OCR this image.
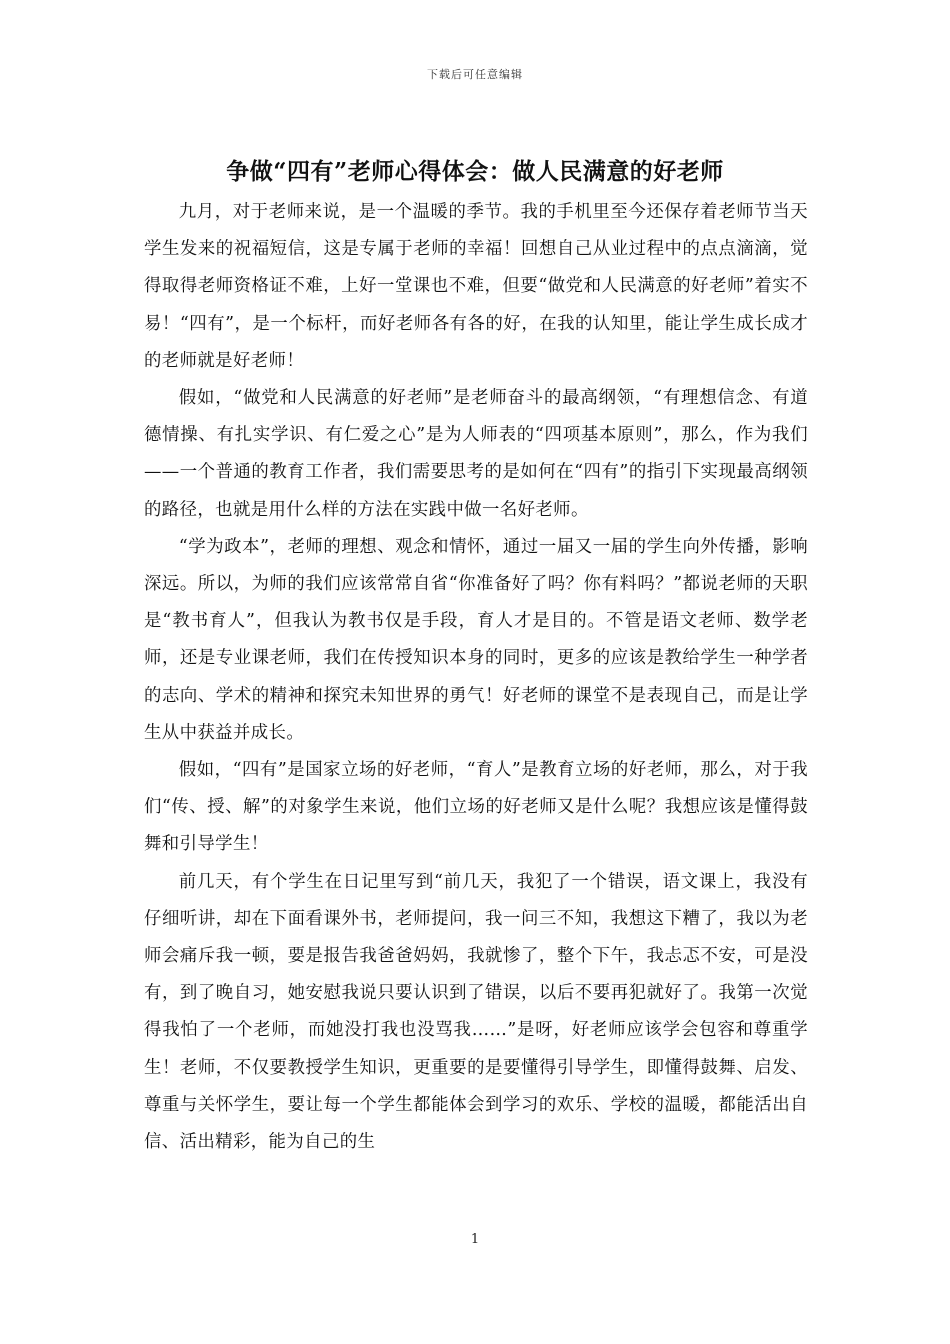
下载后可任意编辑
争做“四有”老师心得体会：做人民满意的好老师

九月，对于老师来说，是一个温暖的季节。我的手机里至今还保存着老师节当天学生发来的祝福短信，这是专属于老师的幸福！回想自己从业过程中的点点滴滴，觉得取得老师资格证不难，上好一堂课也不难，但要“做党和人民满意的好老师”着实不易！“四有”，是一个标杆，而好老师各有各的好，在我的认知里，能让学生成长成才的老师就是好老师！

假如，“做党和人民满意的好老师”是老师奋斗的最高纲领，“有理想信念、有道德情操、有扎实学识、有仁爱之心”是为人师表的“四项基本原则”，那么，作为我们——一个普通的教育工作者，我们需要思考的是如何在“四有”的指引下实现最高纲领的路径，也就是用什么样的方法在实践中做一名好老师。

“学为政本”，老师的理想、观念和情怀，通过一届又一届的学生向外传播，影响深远。所以，为师的我们应该常常自省“你准备好了吗？你有料吗？”都说老师的天职是“教书育人”，但我认为教书仅是手段，育人才是目的。不管是语文老师、数学老师，还是专业课老师，我们在传授知识本身的同时，更多的应该是教给学生一种学者的志向、学术的精神和探究未知世界的勇气！好老师的课堂不是表现自己，而是让学生从中获益并成长。

假如，“四有”是国家立场的好老师，“育人”是教育立场的好老师，那么，对于我们“传、授、解”的对象学生来说，他们立场的好老师又是什么呢？我想应该是懂得鼓舞和引导学生！

前几天，有个学生在日记里写到“前几天，我犯了一个错误，语文课上，我没有仔细听讲，却在下面看课外书，老师提问，我一问三不知，我想这下糟了，我以为老师会痛斥我一顿，要是报告我爸爸妈妈，我就惨了，整个下午，我忐忑不安，可是没有，到了晚自习，她安慰我说只要认识到了错误，以后不要再犯就好了。我第一次觉得我怕了一个老师，而她没打我也没骂我……”是呀，好老师应该学会包容和尊重学生！老师，不仅要教授学生知识，更重要的是要懂得引导学生，即懂得鼓舞、启发、尊重与关怀学生，要让每一个学生都能体会到学习的欢乐、学校的温暖，都能活出自信、活出精彩，能为自己的生

1
